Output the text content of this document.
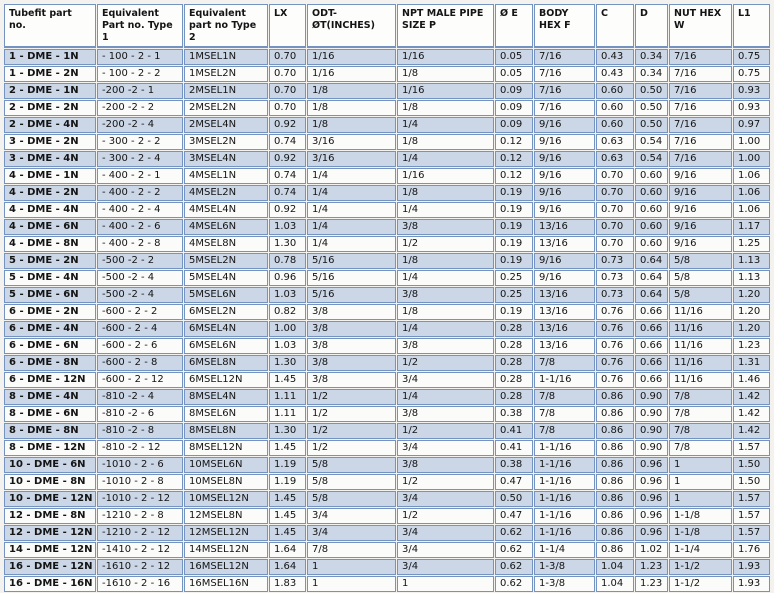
Tubefit part no.	Equivalent Part no. Type 1	Equivalent part no Type 2	LX	ODT-ØT(INCHES)	NPT MALE PIPE SIZE P	Ø E	BODY HEX F	C	D	NUT HEX W	L1
1 - DME - 1N	- 100 - 2 - 1	1MSEL1N	0.70	1/16	1/16	0.05	7/16	0.43	0.34	7/16	0.75
1 - DME - 2N	- 100 - 2 - 2	1MSEL2N	0.70	1/16	1/8	0.05	7/16	0.43	0.34	7/16	0.75
2 - DME - 1N	-200 -2 - 1	2MSEL1N	0.70	1/8	1/16	0.09	7/16	0.60	0.50	7/16	0.93
2 - DME - 2N	-200 -2 - 2	2MSEL2N	0.70	1/8	1/8	0.09	7/16	0.60	0.50	7/16	0.93
2 - DME - 4N	-200 -2 - 4	2MSEL4N	0.92	1/8	1/4	0.09	9/16	0.60	0.50	7/16	0.97
3 - DME - 2N	- 300 - 2 - 2	3MSEL2N	0.74	3/16	1/8	0.12	9/16	0.63	0.54	7/16	1.00
3 - DME - 4N	- 300 - 2 - 4	3MSEL4N	0.92	3/16	1/4	0.12	9/16	0.63	0.54	7/16	1.00
4 - DME - 1N	- 400 - 2 - 1	4MSEL1N	0.74	1/4	1/16	0.12	9/16	0.70	0.60	9/16	1.06
4 - DME - 2N	- 400 - 2 - 2	4MSEL2N	0.74	1/4	1/8	0.19	9/16	0.70	0.60	9/16	1.06
4 - DME - 4N	- 400 - 2 - 4	4MSEL4N	0.92	1/4	1/4	0.19	9/16	0.70	0.60	9/16	1.06
4 - DME - 6N	- 400 - 2 - 6	4MSEL6N	1.03	1/4	3/8	0.19	13/16	0.70	0.60	9/16	1.17
4 - DME - 8N	- 400 - 2 - 8	4MSEL8N	1.30	1/4	1/2	0.19	13/16	0.70	0.60	9/16	1.25
5 - DME - 2N	-500 -2 - 2	5MSEL2N	0.78	5/16	1/8	0.19	9/16	0.73	0.64	5/8	1.13
5 - DME - 4N	-500 -2 - 4	5MSEL4N	0.96	5/16	1/4	0.25	9/16	0.73	0.64	5/8	1.13
5 - DME - 6N	-500 -2 - 4	5MSEL6N	1.03	5/16	3/8	0.25	13/16	0.73	0.64	5/8	1.20
6 - DME - 2N	-600 - 2 - 2	6MSEL2N	0.82	3/8	1/8	0.19	13/16	0.76	0.66	11/16	1.20
6 - DME - 4N	-600 - 2 - 4	6MSEL4N	1.00	3/8	1/4	0.28	13/16	0.76	0.66	11/16	1.20
6 - DME - 6N	-600 - 2 - 6	6MSEL6N	1.03	3/8	3/8	0.28	13/16	0.76	0.66	11/16	1.23
6 - DME - 8N	-600 - 2 - 8	6MSEL8N	1.30	3/8	1/2	0.28	7/8	0.76	0.66	11/16	1.31
6 - DME - 12N	-600 - 2 - 12	6MSEL12N	1.45	3/8	3/4	0.28	1-1/16	0.76	0.66	11/16	1.46
8 - DME - 4N	-810 -2 - 4	8MSEL4N	1.11	1/2	1/4	0.28	7/8	0.86	0.90	7/8	1.42
8 - DME - 6N	-810 -2 - 6	8MSEL6N	1.11	1/2	3/8	0.38	7/8	0.86	0.90	7/8	1.42
8 - DME - 8N	-810 -2 - 8	8MSEL8N	1.30	1/2	1/2	0.41	7/8	0.86	0.90	7/8	1.42
8 - DME - 12N	-810 -2 - 12	8MSEL12N	1.45	1/2	3/4	0.41	1-1/16	0.86	0.90	7/8	1.57
10 - DME - 6N	-1010 - 2 - 6	10MSEL6N	1.19	5/8	3/8	0.38	1-1/16	0.86	0.96	1	1.50
10 - DME - 8N	-1010 - 2 - 8	10MSEL8N	1.19	5/8	1/2	0.47	1-1/16	0.86	0.96	1	1.50
10 - DME - 12N	-1010 - 2 - 12	10MSEL12N	1.45	5/8	3/4	0.50	1-1/16	0.86	0.96	1	1.57
12 - DME - 8N	-1210 - 2 - 8	12MSEL8N	1.45	3/4	1/2	0.47	1-1/16	0.86	0.96	1-1/8	1.57
12 - DME - 12N	-1210 - 2 - 12	12MSEL12N	1.45	3/4	3/4	0.62	1-1/16	0.86	0.96	1-1/8	1.57
14 - DME - 12N	-1410 - 2 - 12	14MSEL12N	1.64	7/8	3/4	0.62	1-1/4	0.86	1.02	1-1/4	1.76
16 - DME - 12N	-1610 - 2 - 12	16MSEL12N	1.64	1	3/4	0.62	1-3/8	1.04	1.23	1-1/2	1.93
16 - DME - 16N	-1610 - 2 - 16	16MSEL16N	1.83	1	1	0.62	1-3/8	1.04	1.23	1-1/2	1.93
